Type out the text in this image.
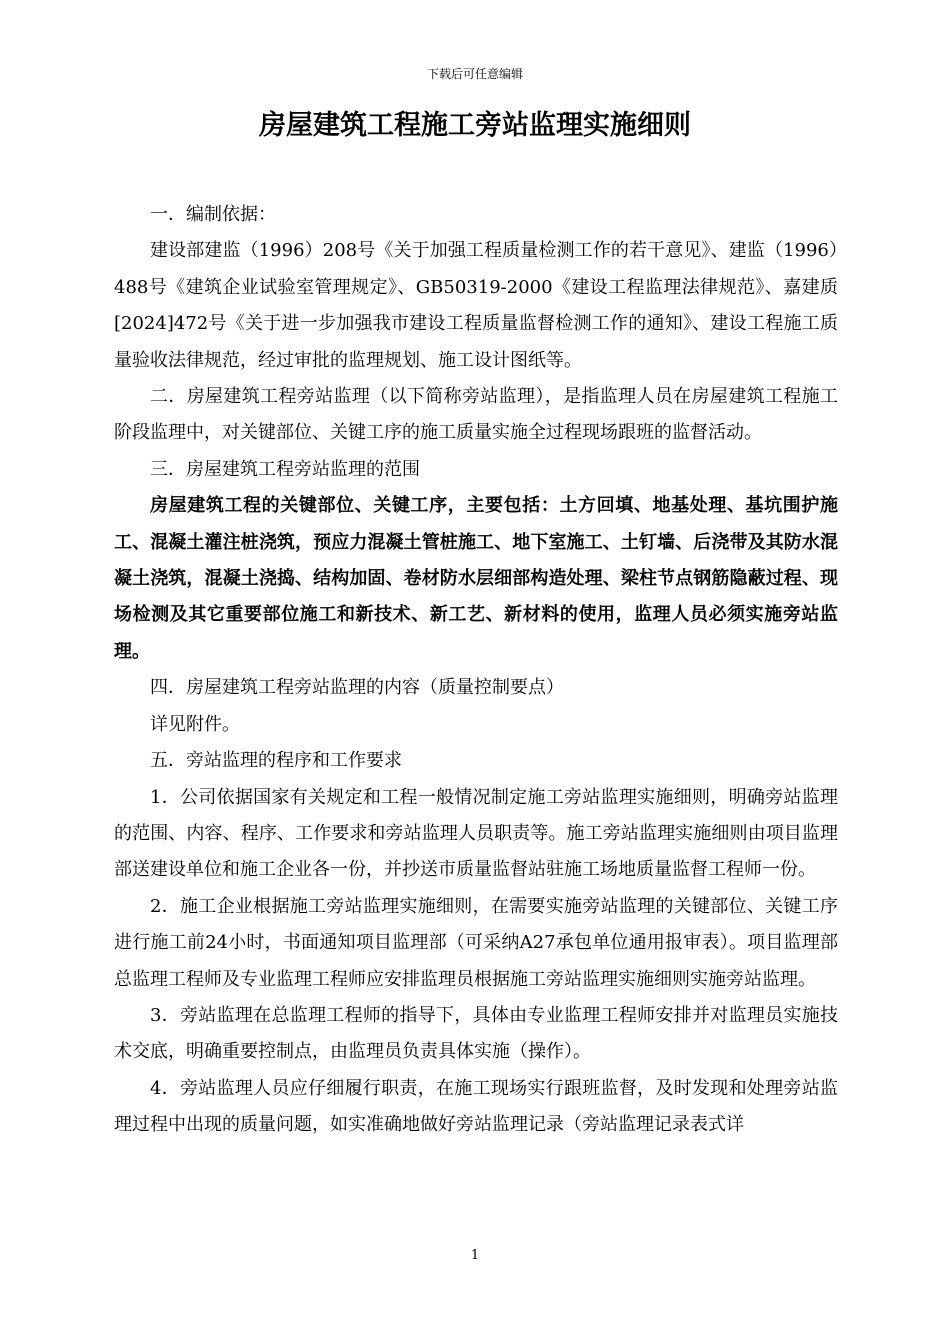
下载后可任意编辑
房屋建筑工程施工旁站监理实施细则

一．编制依据：

建设部建监（1996）208号《关于加强工程质量检测工作的若干意见》、建监（1996）488号《建筑企业试验室管理规定》、GB50319-2000《建设工程监理法律规范》、嘉建质[2024]472号《关于进一步加强我市建设工程质量监督检测工作的通知》、建设工程施工质量验收法律规范，经过审批的监理规划、施工设计图纸等。

二．房屋建筑工程旁站监理（以下简称旁站监理），是指监理人员在房屋建筑工程施工阶段监理中，对关键部位、关键工序的施工质量实施全过程现场跟班的监督活动。

三．房屋建筑工程旁站监理的范围

房屋建筑工程的关键部位、关键工序，主要包括：土方回填、地基处理、基坑围护施工、混凝土灌注桩浇筑，预应力混凝土管桩施工、地下室施工、土钉墙、后浇带及其防水混凝土浇筑，混凝土浇捣、结构加固、卷材防水层细部构造处理、梁柱节点钢筋隐蔽过程、现场检测及其它重要部位施工和新技术、新工艺、新材料的使用，监理人员必须实施旁站监理。

四．房屋建筑工程旁站监理的内容（质量控制要点）

详见附件。

五．旁站监理的程序和工作要求

1．公司依据国家有关规定和工程一般情况制定施工旁站监理实施细则，明确旁站监理的范围、内容、程序、工作要求和旁站监理人员职责等。施工旁站监理实施细则由项目监理部送建设单位和施工企业各一份，并抄送市质量监督站驻施工场地质量监督工程师一份。

2．施工企业根据施工旁站监理实施细则，在需要实施旁站监理的关键部位、关键工序进行施工前24小时，书面通知项目监理部（可采纳A27承包单位通用报审表）。项目监理部总监理工程师及专业监理工程师应安排监理员根据施工旁站监理实施细则实施旁站监理。

3．旁站监理在总监理工程师的指导下，具体由专业监理工程师安排并对监理员实施技术交底，明确重要控制点，由监理员负责具体实施（操作）。

4．旁站监理人员应仔细履行职责，在施工现场实行跟班监督，及时发现和处理旁站监理过程中出现的质量问题，如实准确地做好旁站监理记录（旁站监理记录表式详

1
